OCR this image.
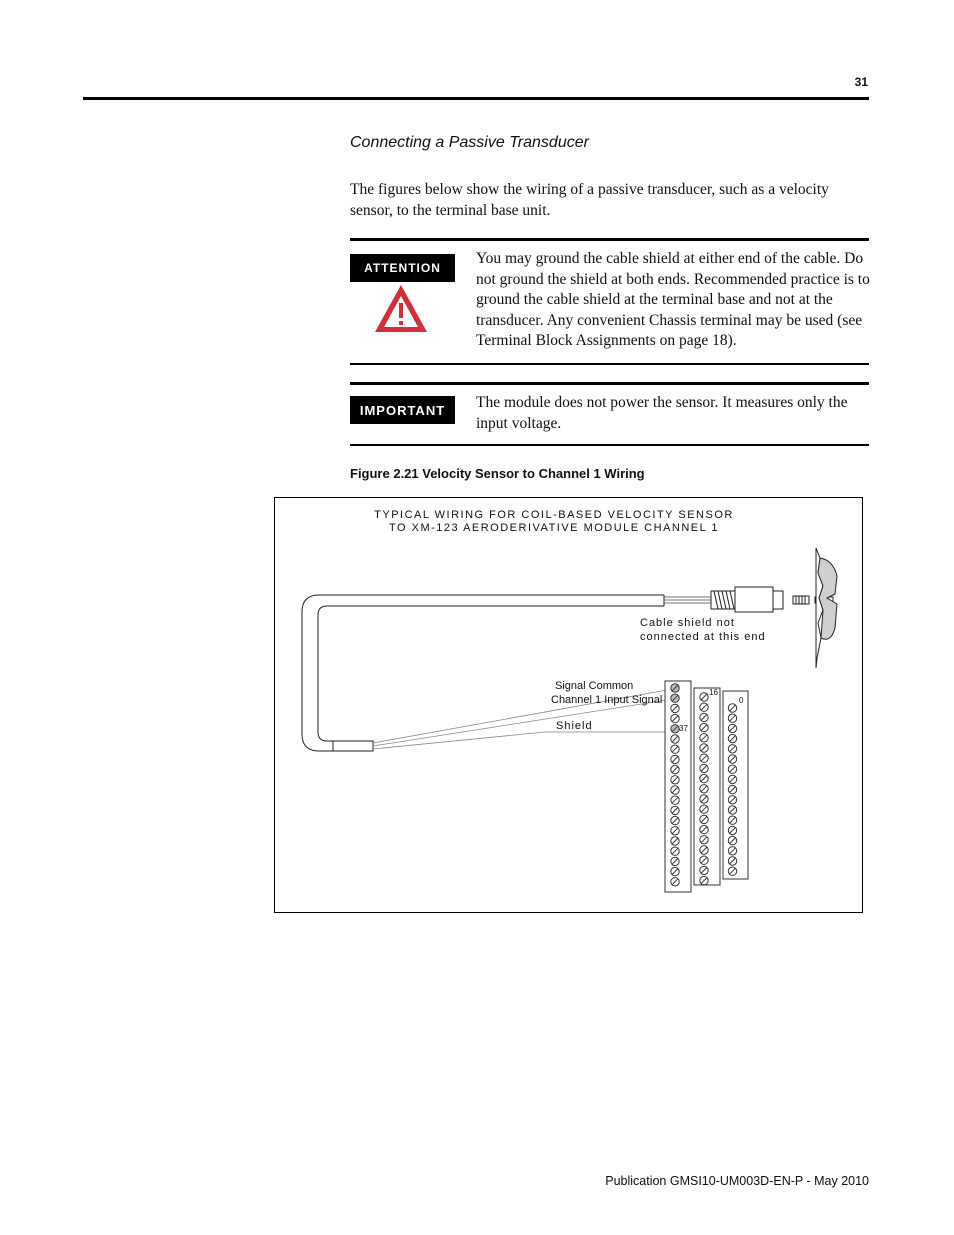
31
Connecting a Passive Transducer

The figures below show the wiring of a passive transducer, such as a velocity sensor, to the terminal base unit.

ATTENTION

You may ground the cable shield at either end of the cable. Do not ground the shield at both ends. Recommended practice is to ground the cable shield at the terminal base and not at the transducer. Any convenient Chassis terminal may be used (see Terminal Block Assignments on page 18).

IMPORTANT	The module does not power the sensor. It measures only the input voltage.

Figure 2.21 Velocity Sensor to Channel 1 Wiring
TYPICAL WIRING FOR COIL-BASED VELOCITY SENSOR
TO XM-123 AERODERIVATIVE MODULE CHANNEL 1
Cable shield not
connected at this end
Signal Common
Channel 1 Input Signal
Shield
16
0
37
Publication GMSI10-UM003D-EN-P - May 2010
